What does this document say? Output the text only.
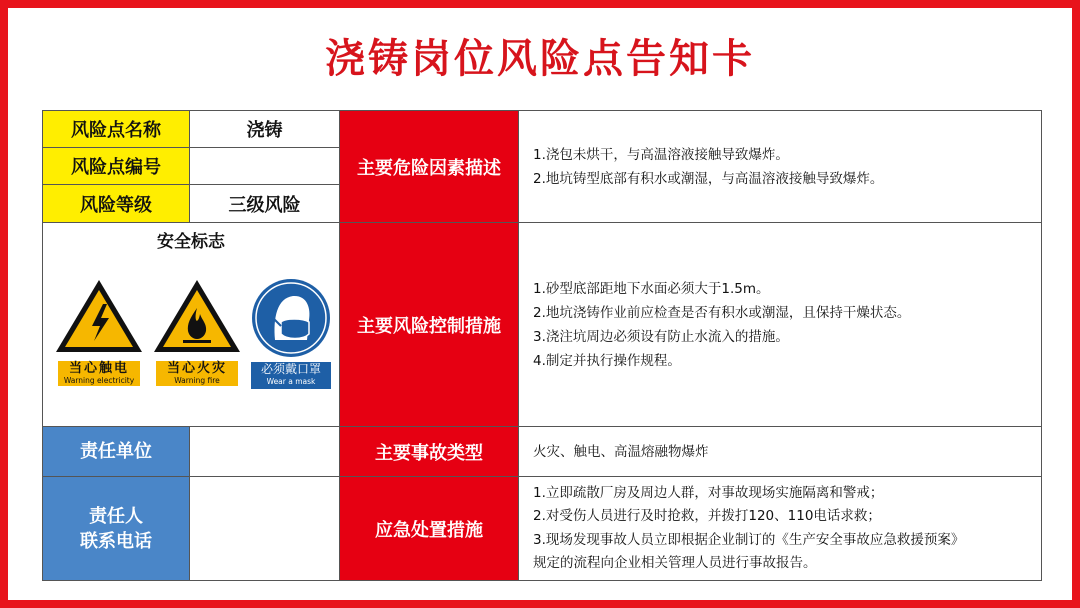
浇铸岗位风险点告知卡
风险点名称	浇铸
风险点编号
风险等级	三级风险
安全标志
当心触电
Warning electricity
当心火灾
Warning fire
必须戴口罩
Wear a mask
责任单位
责任人
联系电话
主要危险因素描述
主要风险控制措施
主要事故类型
应急处置措施
1.浇包未烘干，与高温溶液接触导致爆炸。
2.地坑铸型底部有积水或潮湿，与高温溶液接触导致爆炸。
1.砂型底部距地下水面必须大于1.5m。
2.地坑浇铸作业前应检查是否有积水或潮湿，且保持干燥状态。
3.浇注坑周边必须设有防止水流入的措施。
4.制定并执行操作规程。
火灾、触电、高温熔融物爆炸
1.立即疏散厂房及周边人群，对事故现场实施隔离和警戒；
2.对受伤人员进行及时抢救，并拨打120、110电话求救；
3.现场发现事故人员立即根据企业制订的《生产安全事故应急救援预案》
规定的流程向企业相关管理人员进行事故报告。
